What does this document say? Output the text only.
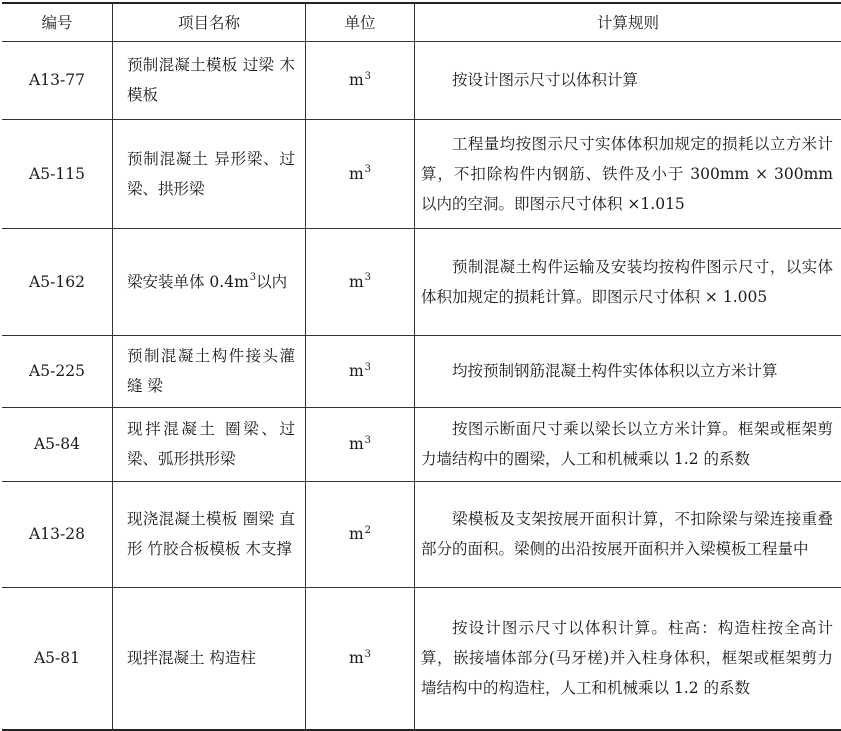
编号	项目名称	单位	计算规则

A13-77	预制混凝土模板 过梁 木模板	$m^3$	按设计图示尺寸以体积计算

A5-115	预制混凝土 异形梁、过梁、拱形梁	$m^3$	工程量均按图示尺寸实体体积加规定的损耗以立方米计算，不扣除构件内钢筋、铁件及小于 300mm × 300mm 以内的空洞。即图示尺寸体积 ×1.015

A5-162	梁安装单体 $0.4m^3$以内	$m^3$	预制混凝土构件运输及安装均按构件图示尺寸，以实体体积加规定的损耗计算。即图示尺寸体积 × 1.005

A5-225	预制混凝土构件接头灌缝 梁	$m^3$	均按预制钢筋混凝土构件实体体积以立方米计算

A5-84	现拌混凝土 圈梁、过梁、弧形拱形梁	$m^3$	按图示断面尺寸乘以梁长以立方米计算。框架或框架剪力墙结构中的圈梁，人工和机械乘以 1.2 的系数

A13-28	现浇混凝土模板 圈梁 直形 竹胶合板模板 木支撑	$m^2$	梁模板及支架按展开面积计算，不扣除梁与梁连接重叠部分的面积。梁侧的出沿按展开面积并入梁模板工程量中

A5-81	现拌混凝土 构造柱	$m^3$	按设计图示尺寸以体积计算。柱高：构造柱按全高计算，嵌接墙体部分(马牙槎)并入柱身体积，框架或框架剪力墙结构中的构造柱，人工和机械乘以 1.2 的系数
